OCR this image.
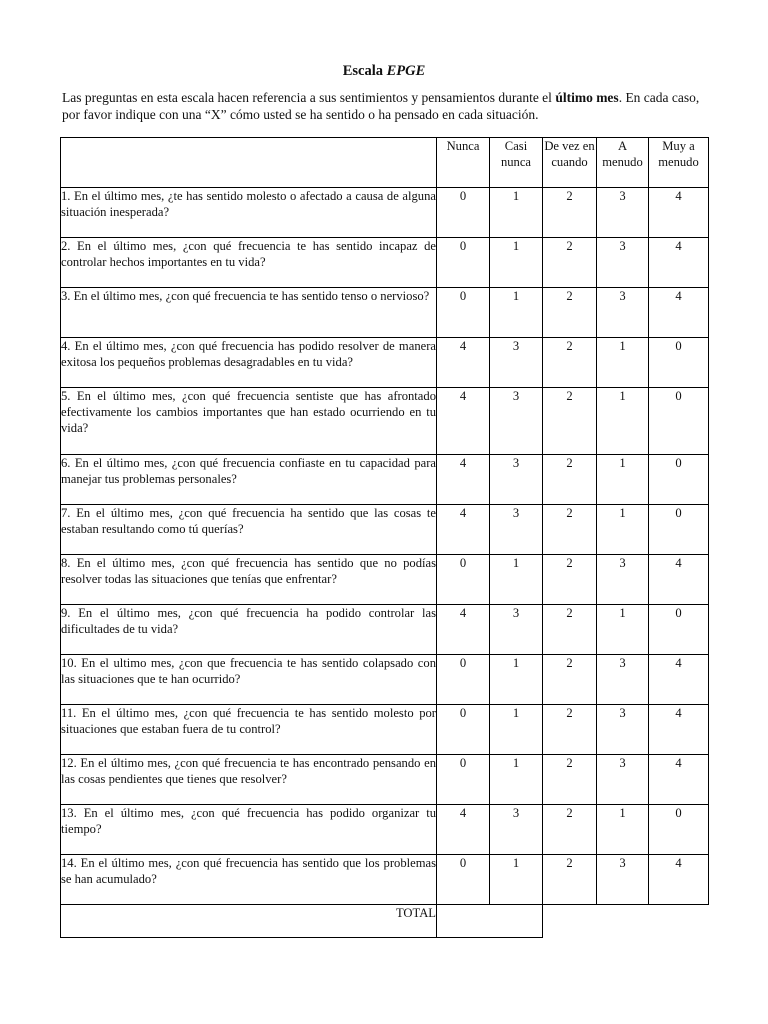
Escala EPGE

Las preguntas en esta escala hacen referencia a sus sentimientos y pensamientos durante el último mes. En cada caso, por favor indique con una “X” cómo usted se ha sentido o ha pensado en cada situación.

	Nunca	Casi nunca	De vez en cuando	A menudo	Muy a menudo
1. En el último mes, ¿te has sentido molesto o afectado a causa de alguna situación inesperada?	0	1	2	3	4
2. En el último mes, ¿con qué frecuencia te has sentido incapaz de controlar hechos importantes en tu vida?	0	1	2	3	4
3. En el último mes, ¿con qué frecuencia te has sentido tenso o nervioso?	0	1	2	3	4
4. En el último mes, ¿con qué frecuencia has podido resolver de manera exitosa los pequeños problemas desagradables en tu vida?	4	3	2	1	0
5. En el último mes, ¿con qué frecuencia sentiste que has afrontado efectivamente los cambios importantes que han estado ocurriendo en tu vida?	4	3	2	1	0
6. En el último mes, ¿con qué frecuencia confiaste en tu capacidad para manejar tus problemas personales?	4	3	2	1	0
7. En el último mes, ¿con qué frecuencia ha sentido que las cosas te estaban resultando como tú querías?	4	3	2	1	0
8. En el último mes, ¿con qué frecuencia has sentido que no podías resolver todas las situaciones que tenías que enfrentar?	0	1	2	3	4
9. En el último mes, ¿con qué frecuencia ha podido controlar las dificultades de tu vida?	4	3	2	1	0
10. En el ultimo mes, ¿con que frecuencia te has sentido colapsado con las situaciones que te han ocurrido?	0	1	2	3	4
11. En el último mes, ¿con qué frecuencia te has sentido molesto por situaciones que estaban fuera de tu control?	0	1	2	3	4
12. En el último mes, ¿con qué frecuencia te has encontrado pensando en las cosas pendientes que tienes que resolver?	0	1	2	3	4
13. En el último mes, ¿con qué frecuencia has podido organizar tu tiempo?	4	3	2	1	0
14. En el último mes, ¿con qué frecuencia has sentido que los problemas se han acumulado?	0	1	2	3	4
TOTAL					
